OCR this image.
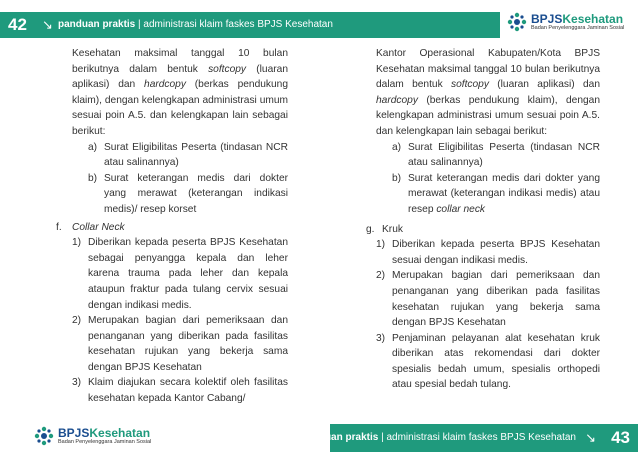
42 ↘ panduan praktis | administrasi klaim faskes BPJS Kesehatan	BPJSKesehatan
Badan Penyelenggara Jaminan Sosial
Kesehatan maksimal tanggal 10 bulan berikutnya dalam bentuk softcopy (luaran aplikasi) dan hardcopy (berkas pendukung klaim), dengan kelengkapan administrasi umum sesuai poin A.5. dan kelengkapan lain sebagai berikut:
a) Surat Eligibilitas Peserta (tindasan NCR atau salinannya)
b) Surat keterangan medis dari dokter yang merawat (keterangan indikasi medis)/ resep korset
f.	Collar Neck
1) Diberikan kepada peserta BPJS Kesehatan sebagai penyangga kepala dan leher karena trauma pada leher dan kepala ataupun fraktur pada tulang cervix sesuai dengan indikasi medis.
2) Merupakan bagian dari pemeriksaan dan penanganan yang diberikan pada fasilitas kesehatan rujukan yang bekerja sama dengan BPJS Kesehatan
3) Klaim diajukan secara kolektif oleh fasilitas kesehatan kepada Kantor Cabang/
Kantor Operasional Kabupaten/Kota BPJS Kesehatan maksimal tanggal 10 bulan berikutnya dalam bentuk softcopy (luaran aplikasi) dan hardcopy (berkas pendukung klaim), dengan kelengkapan administrasi umum sesuai poin A.5. dan kelengkapan lain sebagai berikut:
a) Surat Eligibilitas Peserta (tindasan NCR atau salinannya)
b) Surat keterangan medis dari dokter yang merawat (keterangan indikasi medis) atau resep collar neck
g. Kruk
1) Diberikan kepada peserta BPJS Kesehatan sesuai dengan indikasi medis.
2) Merupakan bagian dari pemeriksaan dan penanganan yang diberikan pada fasilitas kesehatan rujukan yang bekerja sama dengan BPJS Kesehatan
3) Penjaminan pelayanan alat kesehatan kruk diberikan atas rekomendasi dari dokter spesialis bedah umum, spesialis orthopedi atau spesial bedah tulang.
BPJSKesehatan
Badan Penyelenggara Jaminan Sosial	panduan praktis | administrasi klaim faskes BPJS Kesehatan ↘ 43
